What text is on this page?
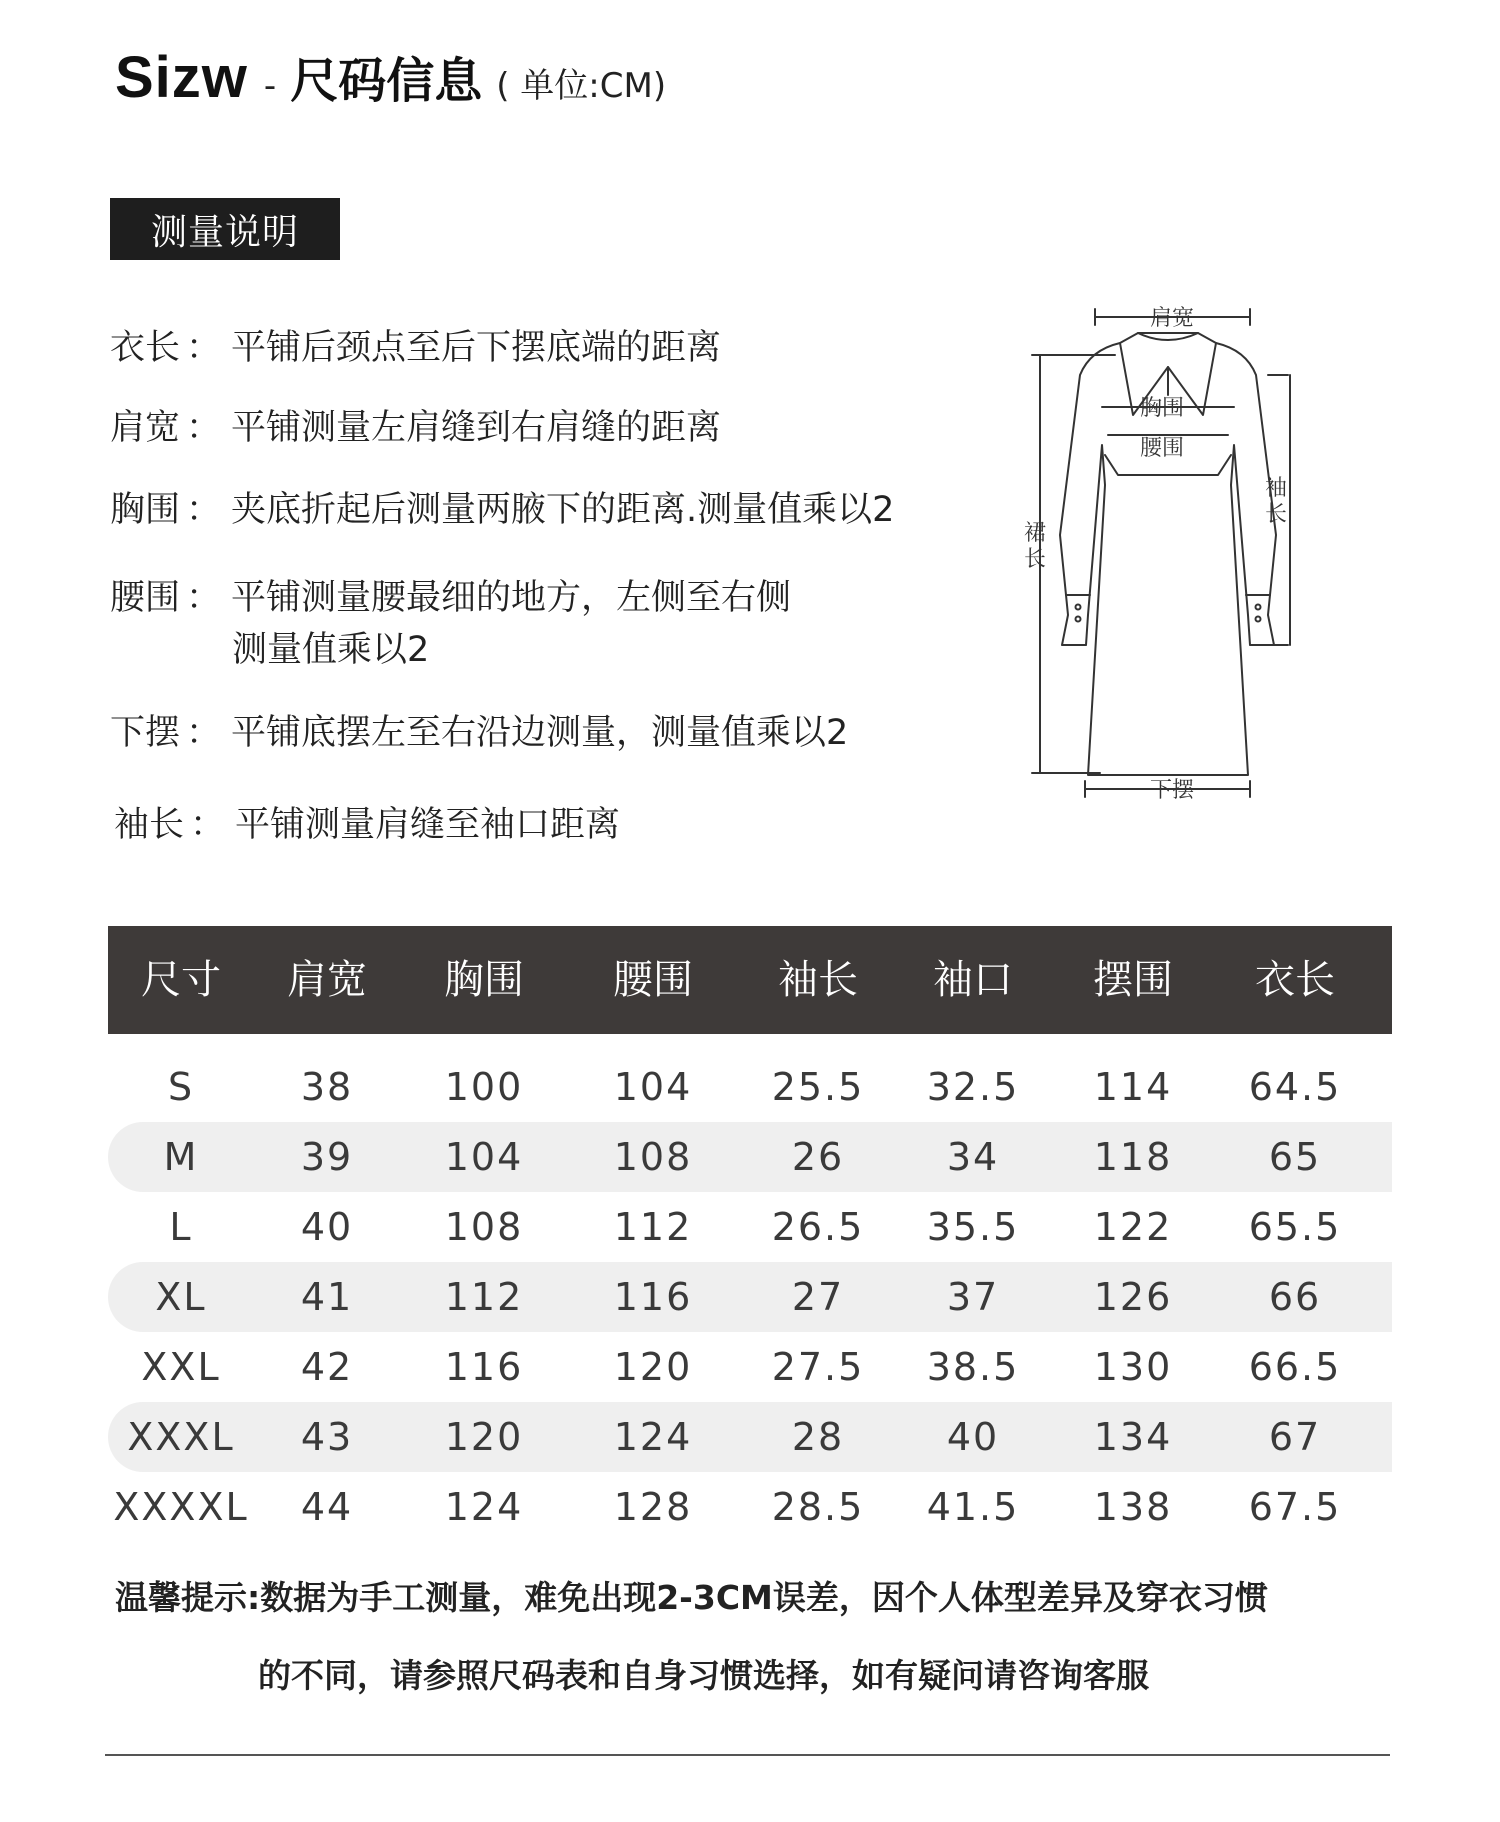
Sizw - 尺码信息 ( 单位:CM)
测量说明
衣长 ： 平铺后颈点至后下摆底端的距离
肩宽 ： 平铺测量左肩缝到右肩缝的距离
胸围 ： 夹底折起后测量两腋下的距离.测量值乘以2
腰围 ： 平铺测量腰最细的地方，左侧至右侧
测量值乘以2
下摆 ： 平铺底摆左至右沿边测量，测量值乘以2
袖长 ： 平铺测量肩缝至袖口距离
肩宽
胸围
腰围
袖
长
裙
长
下摆
尺寸	肩宽	胸围	腰围	袖长	袖口	摆围	衣长
S	38	100	104	25.5	32.5	114	64.5
M	39	104	108	26	34	118	65
L	40	108	112	26.5	35.5	122	65.5
XL	41	112	116	27	37	126	66
XXL	42	116	120	27.5	38.5	130	66.5
XXXL	43	120	124	28	40	134	67
XXXXL	44	124	128	28.5	41.5	138	67.5
温馨提示:数据为手工测量，难免出现2-3CM误差，因个人体型差异及穿衣习惯
的不同，请参照尺码表和自身习惯选择，如有疑问请咨询客服
